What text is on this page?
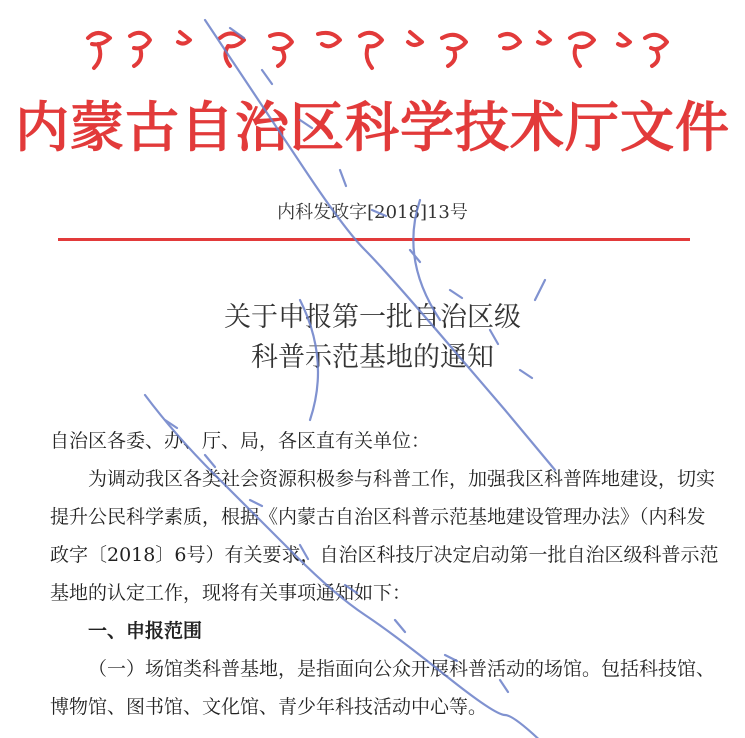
内蒙古自治区科学技术厅文件
内科发政字[2018]13号
关于申报第一批自治区级
科普示范基地的通知

自治区各委、办、厅、局，各区直有关单位：

为调动我区各类社会资源积极参与科普工作，加强我区科普阵地建设，切实提升公民科学素质，根据《内蒙古自治区科普示范基地建设管理办法》（内科发政字〔2018〕6号）有关要求，自治区科技厅决定启动第一批自治区级科普示范基地的认定工作，现将有关事项通知如下：

一、申报范围

（一）场馆类科普基地，是指面向公众开展科普活动的场馆。包括科技馆、博物馆、图书馆、文化馆、青少年科技活动中心等。
